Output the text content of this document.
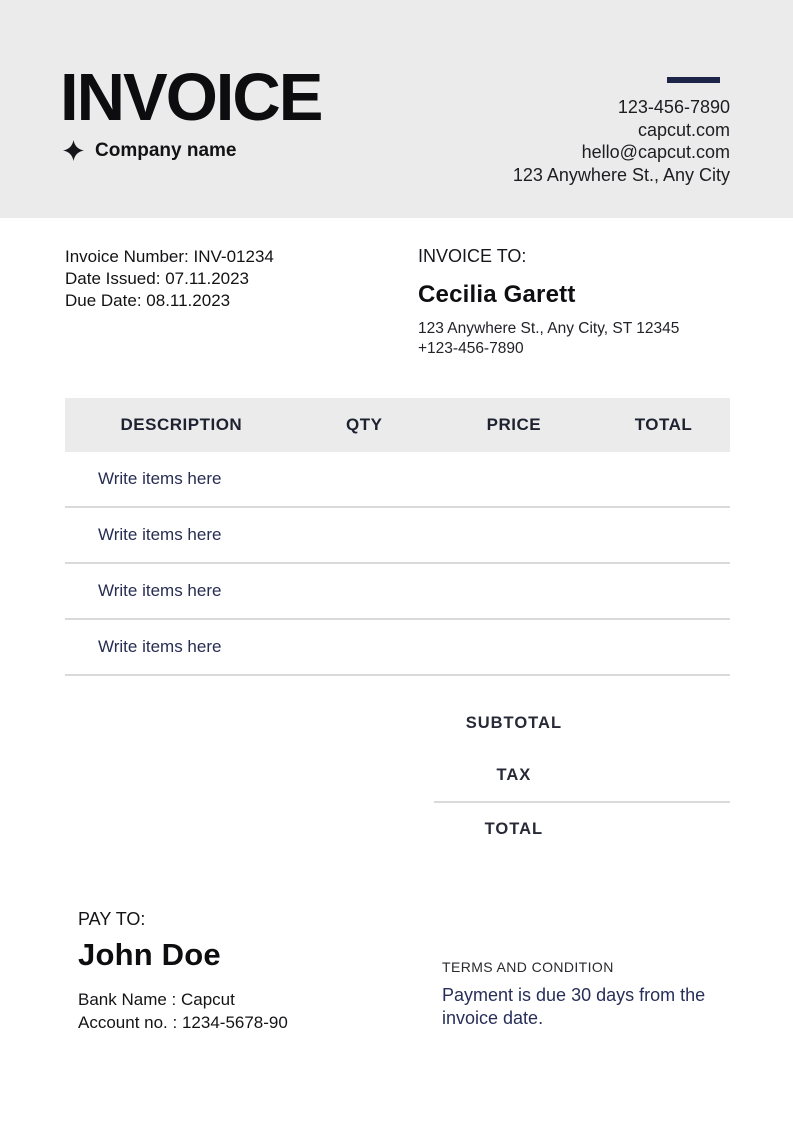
INVOICE
Company name
123-456-7890
capcut.com
hello@capcut.com
123 Anywhere St., Any City
Invoice Number: INV-01234
Date Issued: 07.11.2023
Due Date: 08.11.2023
INVOICE TO:
Cecilia Garett
123 Anywhere St., Any City, ST 12345
+123-456-7890
DESCRIPTION	QTY	PRICE	TOTAL
Write items here
Write items here
Write items here
Write items here
SUBTOTAL
TAX
TOTAL
PAY TO:
John Doe
Bank Name : Capcut
Account no. : 1234-5678-90
TERMS AND CONDITION
Payment is due 30 days from the invoice date.
